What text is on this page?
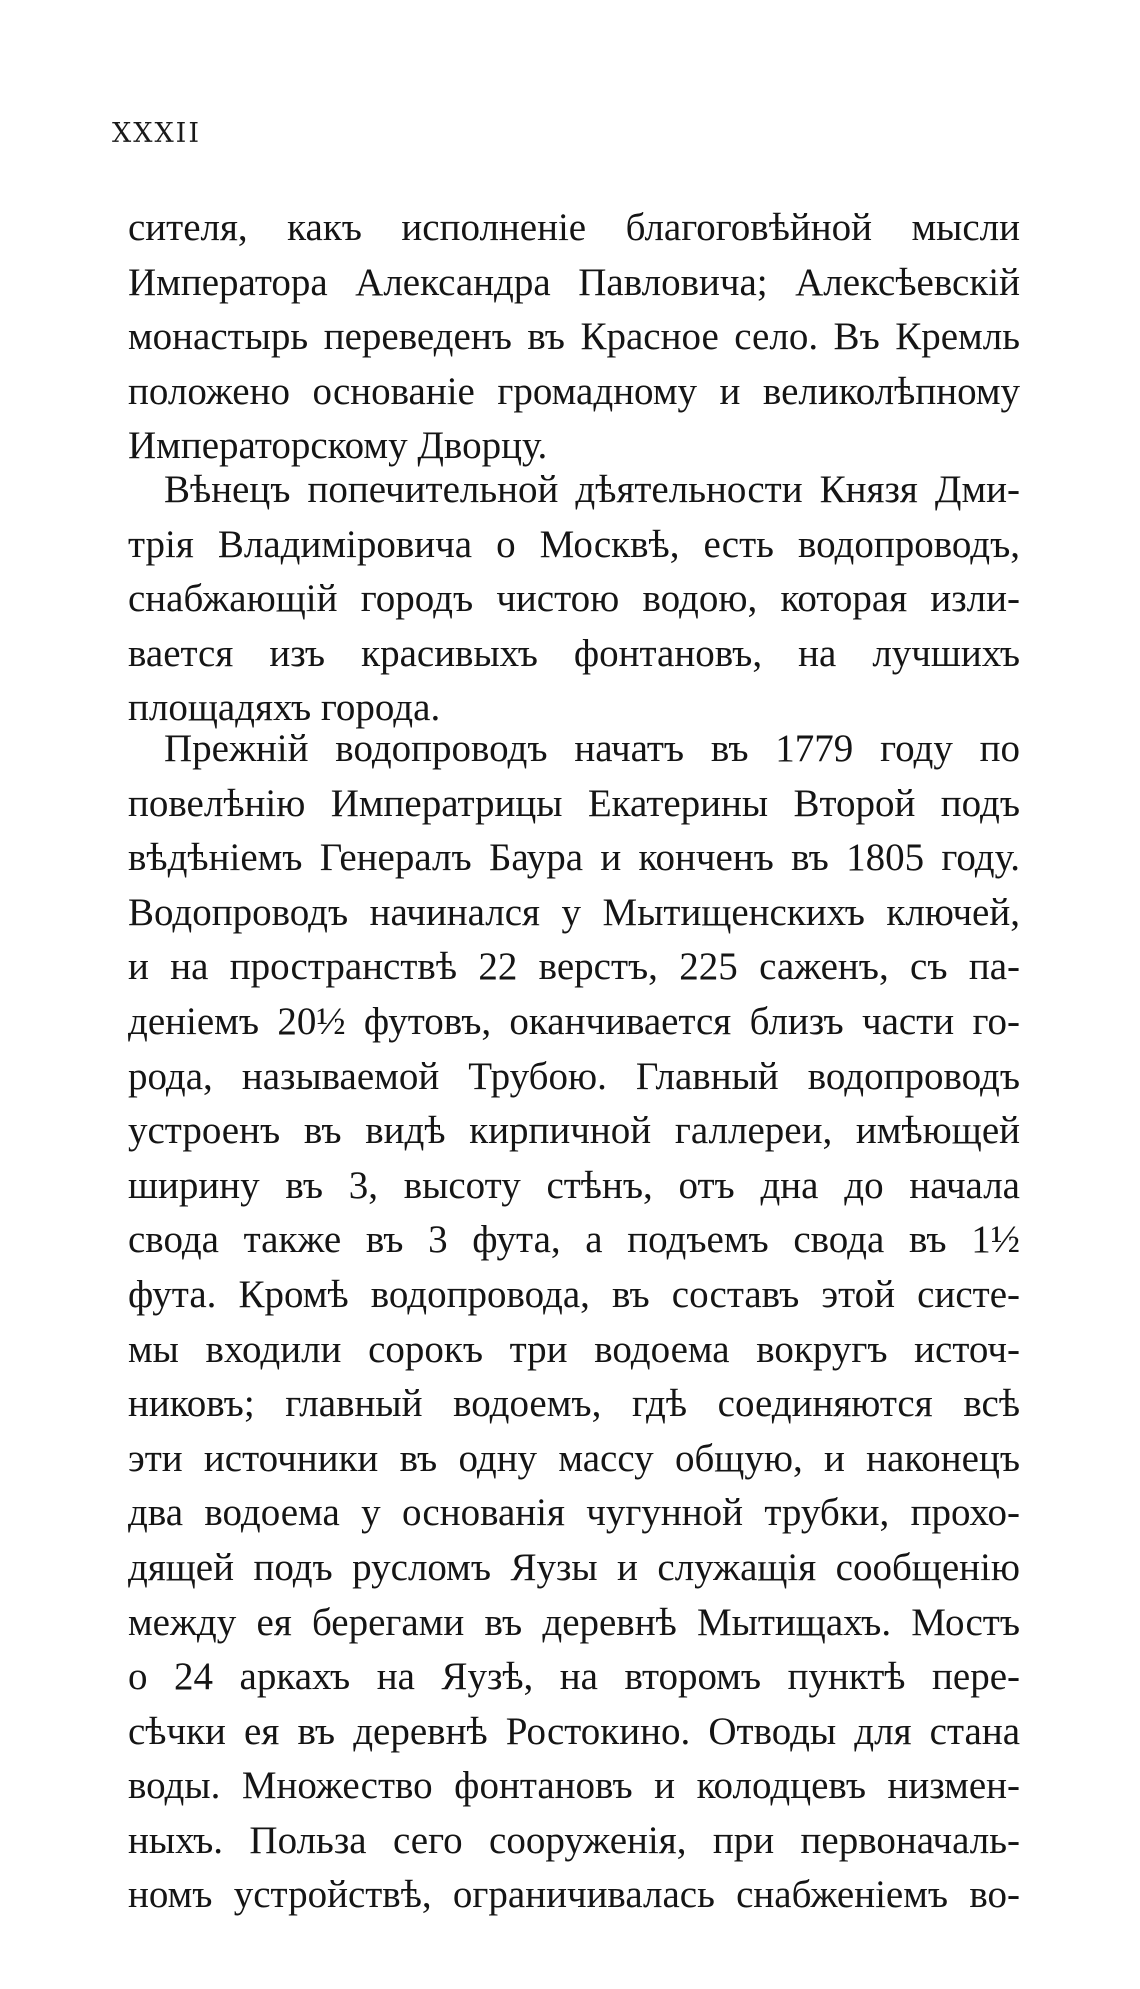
XXXII
сителя, какъ исполненіе благоговѣйной мысли
Императора Александра Павловича; Алексѣевскій
монастырь переведенъ въ Красное село. Въ Кремль
положено основаніе громадному и великолѣпному
Императорскому Дворцу.
Вѣнецъ попечительной дѣятельности Князя Дми-
трія Владиміровича о Москвѣ, есть водопроводъ,
снабжающій городъ чистою водою, которая изли-
вается изъ красивыхъ фонтановъ, на лучшихъ
площадяхъ города.
Прежній водопроводъ начатъ въ 1779 году по
повелѣнію Императрицы Екатерины Второй подъ
вѣдѣніемъ Генералъ Баура и конченъ въ 1805 году.
Водопроводъ начинался у Мытищенскихъ ключей,
и на пространствѣ 22 верстъ, 225 саженъ, съ па-
деніемъ 20½ футовъ, оканчивается близъ части го-
рода, называемой Трубою. Главный водопроводъ
устроенъ въ видѣ кирпичной галлереи, имѣющей
ширину въ 3, высоту стѣнъ, отъ дна до начала
свода также въ 3 фута, а подъемъ свода въ 1½
фута. Кромѣ водопровода, въ составъ этой систе-
мы входили сорокъ три водоема вокругъ источ-
никовъ; главный водоемъ, гдѣ соединяются всѣ
эти источники въ одну массу общую, и наконецъ
два водоема у основанія чугунной трубки, прохо-
дящей подъ русломъ Яузы и служащія сообщенію
между ея берегами въ деревнѣ Мытищахъ. Мостъ
о 24 аркахъ на Яузѣ, на второмъ пунктѣ пере-
сѣчки ея въ деревнѣ Ростокино. Отводы для стана
воды. Множество фонтановъ и колодцевъ низмен-
ныхъ. Польза сего сооруженія, при первоначаль-
номъ устройствѣ, ограничивалась снабженіемъ во-
